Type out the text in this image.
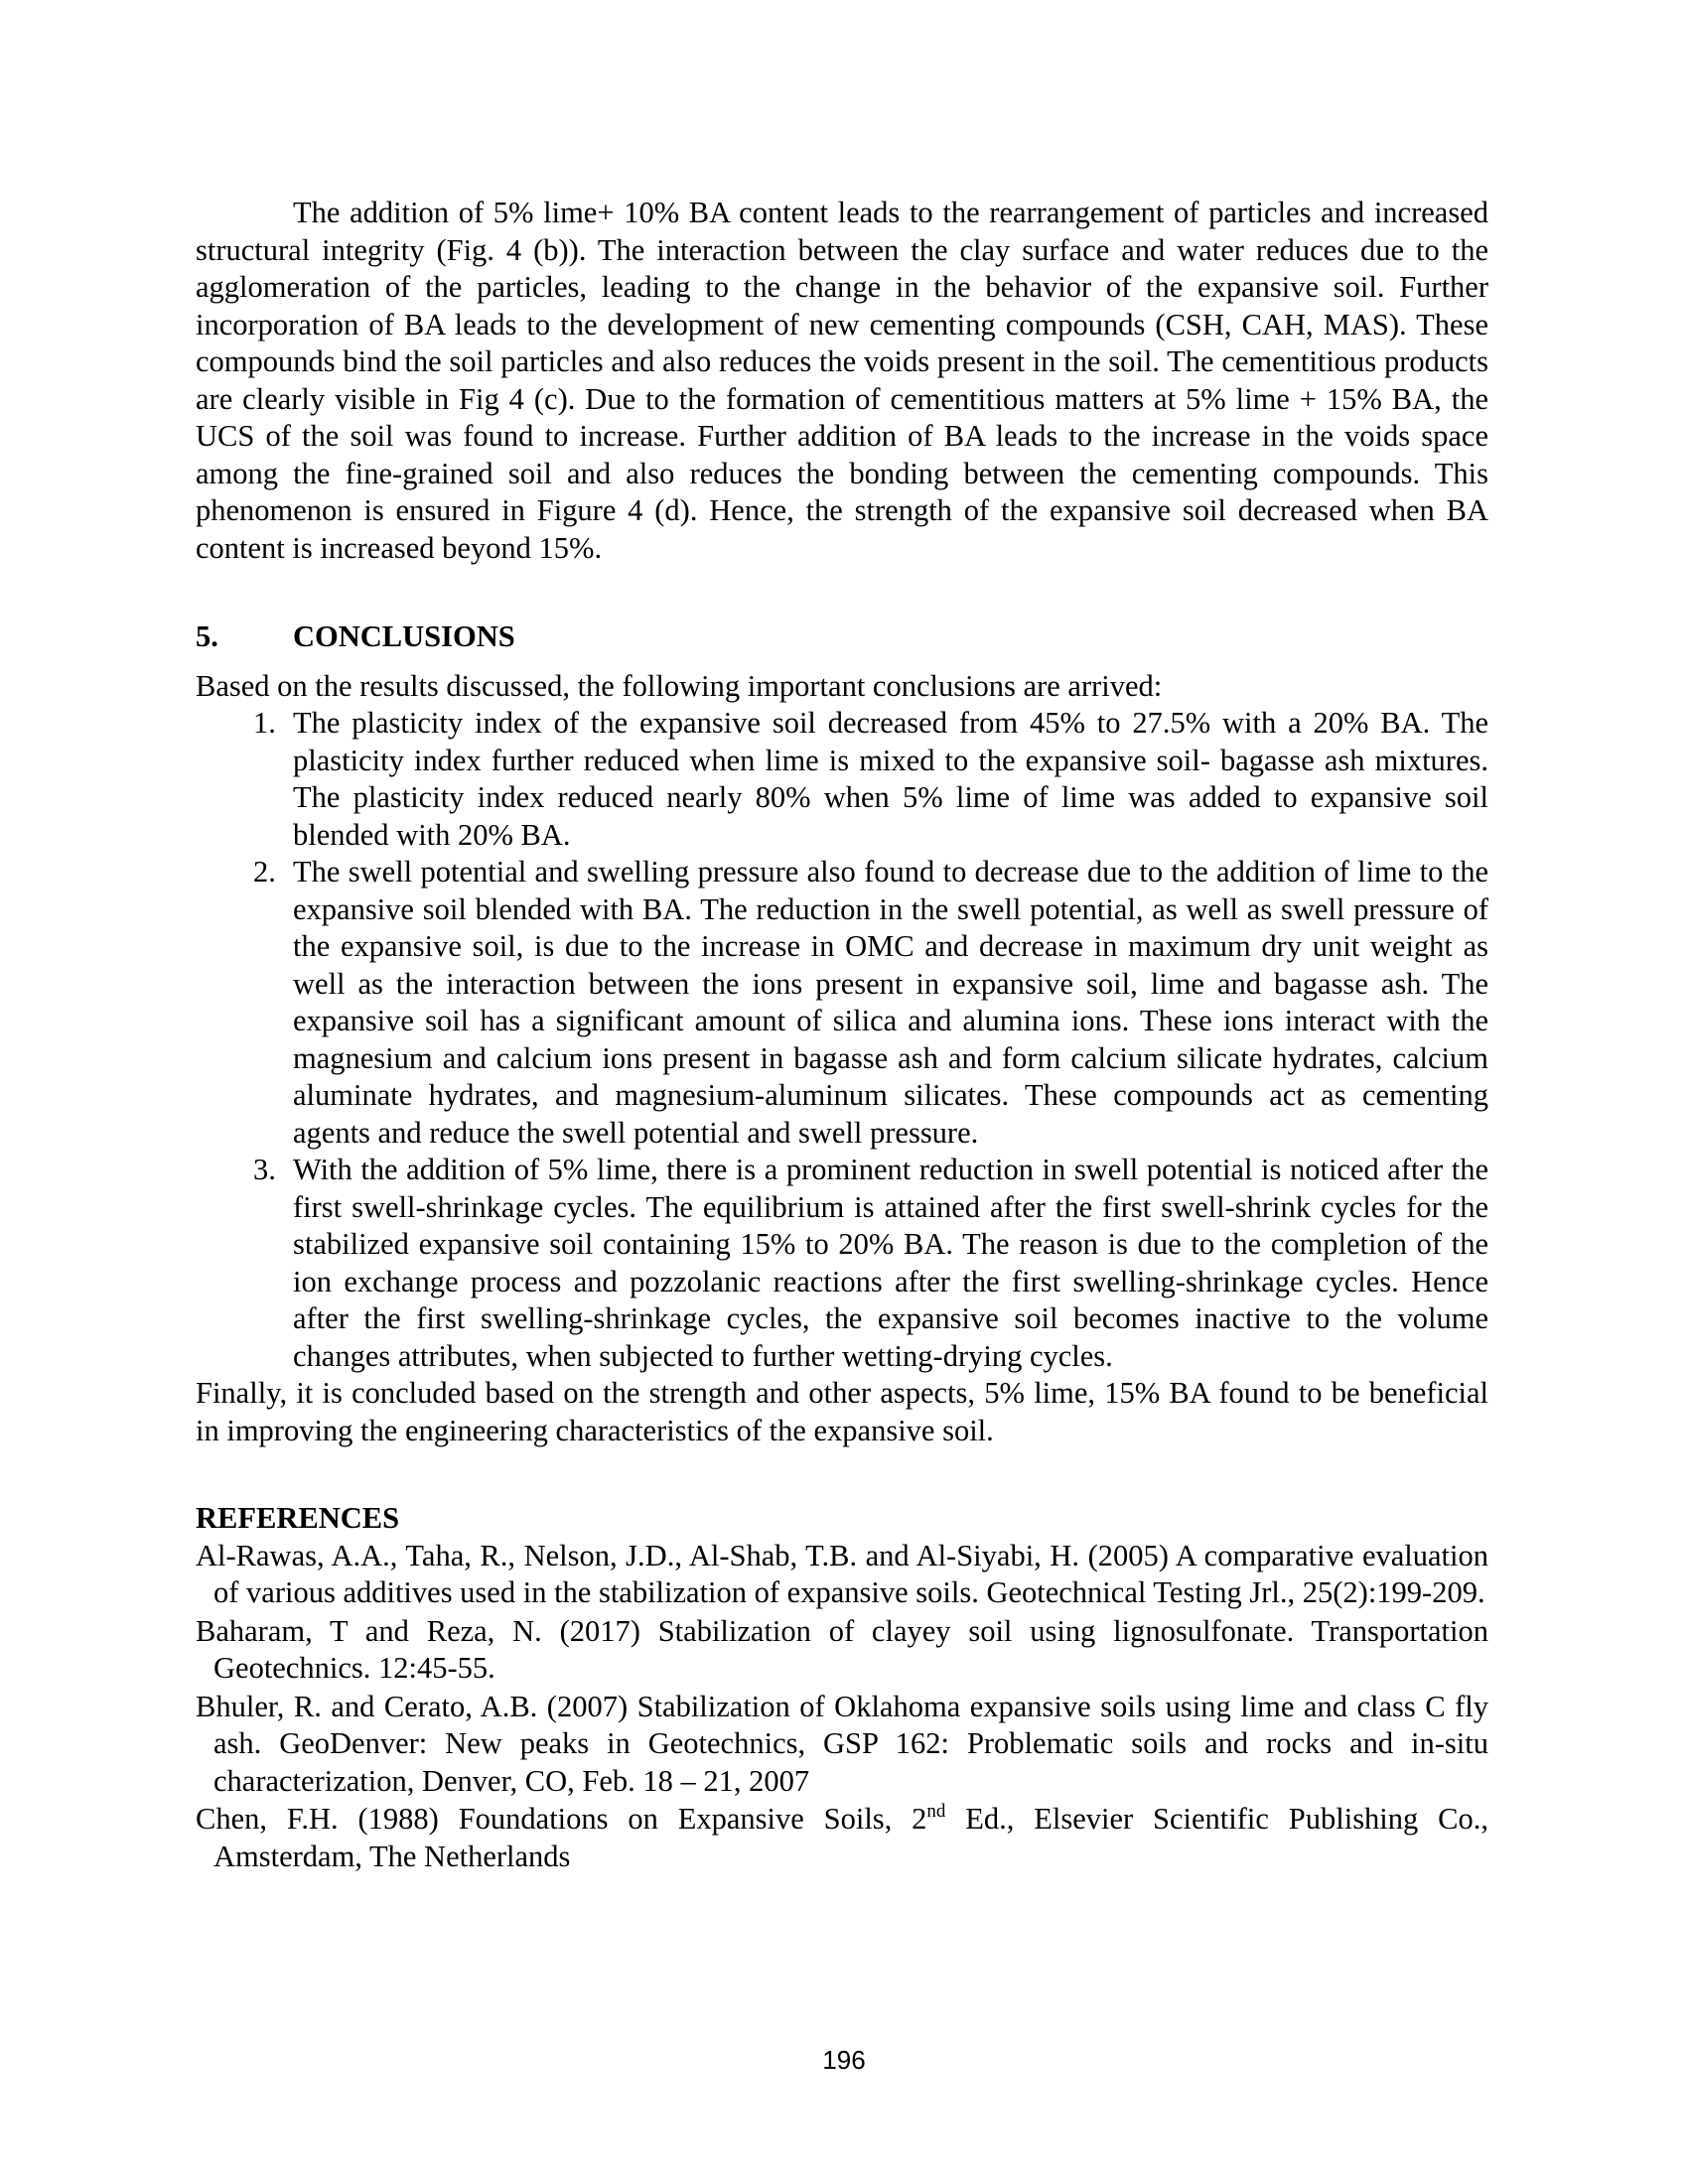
The addition of 5% lime+ 10% BA content leads to the rearrangement of particles and increased structural integrity (Fig. 4 (b)). The interaction between the clay surface and water reduces due to the agglomeration of the particles, leading to the change in the behavior of the expansive soil. Further incorporation of BA leads to the development of new cementing compounds (CSH, CAH, MAS). These compounds bind the soil particles and also reduces the voids present in the soil. The cementitious products are clearly visible in Fig 4 (c). Due to the formation of cementitious matters at 5% lime + 15% BA, the UCS of the soil was found to increase. Further addition of BA leads to the increase in the voids space among the fine-grained soil and also reduces the bonding between the cementing compounds. This phenomenon is ensured in Figure 4 (d). Hence, the strength of the expansive soil decreased when BA content is increased beyond 15%.

5.	CONCLUSIONS

Based on the results discussed, the following important conclusions are arrived:

1. The plasticity index of the expansive soil decreased from 45% to 27.5% with a 20% BA. The plasticity index further reduced when lime is mixed to the expansive soil- bagasse ash mixtures. The plasticity index reduced nearly 80% when 5% lime of lime was added to expansive soil blended with 20% BA.
2. The swell potential and swelling pressure also found to decrease due to the addition of lime to the expansive soil blended with BA. The reduction in the swell potential, as well as swell pressure of the expansive soil, is due to the increase in OMC and decrease in maximum dry unit weight as well as the interaction between the ions present in expansive soil, lime and bagasse ash. The expansive soil has a significant amount of silica and alumina ions. These ions interact with the magnesium and calcium ions present in bagasse ash and form calcium silicate hydrates, calcium aluminate hydrates, and magnesium-aluminum silicates. These compounds act as cementing agents and reduce the swell potential and swell pressure.
3. With the addition of 5% lime, there is a prominent reduction in swell potential is noticed after the first swell-shrinkage cycles. The equilibrium is attained after the first swell-shrink cycles for the stabilized expansive soil containing 15% to 20% BA. The reason is due to the completion of the ion exchange process and pozzolanic reactions after the first swelling-shrinkage cycles. Hence after the first swelling-shrinkage cycles, the expansive soil becomes inactive to the volume changes attributes, when subjected to further wetting-drying cycles.

Finally, it is concluded based on the strength and other aspects, 5% lime, 15% BA found to be beneficial in improving the engineering characteristics of the expansive soil.

REFERENCES

Al-Rawas, A.A., Taha, R., Nelson, J.D., Al-Shab, T.B. and Al-Siyabi, H. (2005) A comparative evaluation of various additives used in the stabilization of expansive soils. Geotechnical Testing Jrl., 25(2):199-209.

Baharam, T and Reza, N. (2017) Stabilization of clayey soil using lignosulfonate. Transportation Geotechnics. 12:45-55.

Bhuler, R. and Cerato, A.B. (2007) Stabilization of Oklahoma expansive soils using lime and class C fly ash. GeoDenver: New peaks in Geotechnics, GSP 162: Problematic soils and rocks and in-situ characterization, Denver, CO, Feb. 18 – 21, 2007

Chen, F.H. (1988) Foundations on Expansive Soils, 2nd Ed., Elsevier Scientific Publishing Co., Amsterdam, The Netherlands

196
